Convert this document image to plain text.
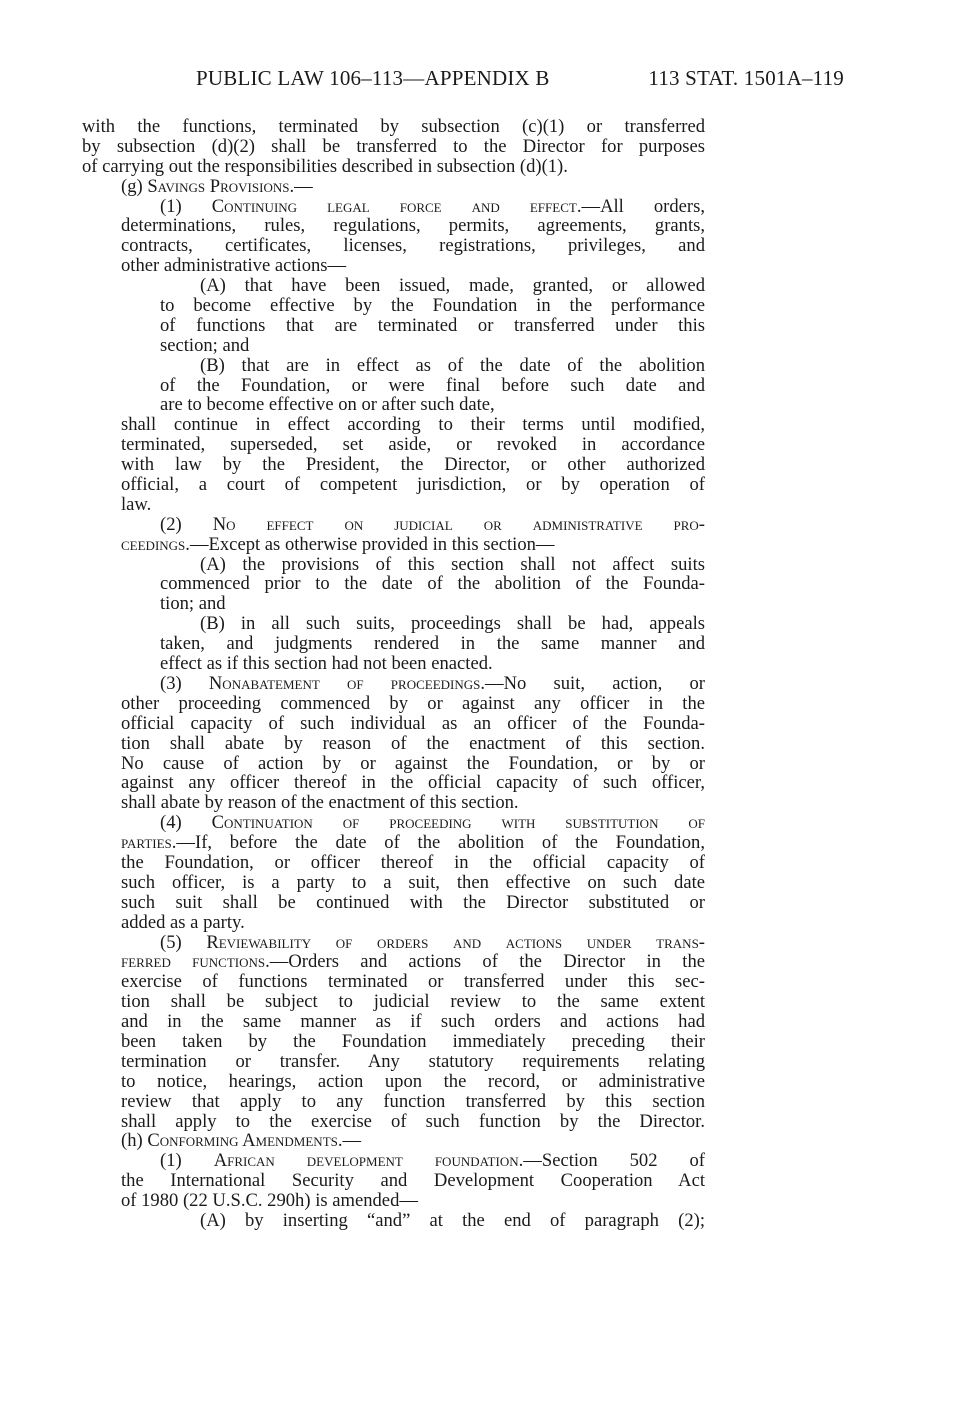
PUBLIC LAW 106–113—APPENDIX B	113 STAT. 1501A–119
with the functions, terminated by subsection (c)(1) or transferred
by subsection (d)(2) shall be transferred to the Director for purposes
of carrying out the responsibilities described in subsection (d)(1).
(g) Savings Provisions.—
(1) Continuing legal force and effect.—All orders,
determinations, rules, regulations, permits, agreements, grants,
contracts, certificates, licenses, registrations, privileges, and
other administrative actions—
(A) that have been issued, made, granted, or allowed
to become effective by the Foundation in the performance
of functions that are terminated or transferred under this
section; and
(B) that are in effect as of the date of the abolition
of the Foundation, or were final before such date and
are to become effective on or after such date,
shall continue in effect according to their terms until modified,
terminated, superseded, set aside, or revoked in accordance
with law by the President, the Director, or other authorized
official, a court of competent jurisdiction, or by operation of
law.
(2) No effect on judicial or administrative pro-
ceedings.—Except as otherwise provided in this section—
(A) the provisions of this section shall not affect suits
commenced prior to the date of the abolition of the Founda-
tion; and
(B) in all such suits, proceedings shall be had, appeals
taken, and judgments rendered in the same manner and
effect as if this section had not been enacted.
(3) Nonabatement of proceedings.—No suit, action, or
other proceeding commenced by or against any officer in the
official capacity of such individual as an officer of the Founda-
tion shall abate by reason of the enactment of this section.
No cause of action by or against the Foundation, or by or
against any officer thereof in the official capacity of such officer,
shall abate by reason of the enactment of this section.
(4) Continuation of proceeding with substitution of
parties.—If, before the date of the abolition of the Foundation,
the Foundation, or officer thereof in the official capacity of
such officer, is a party to a suit, then effective on such date
such suit shall be continued with the Director substituted or
added as a party.
(5) Reviewability of orders and actions under trans-
ferred functions.—Orders and actions of the Director in the
exercise of functions terminated or transferred under this sec-
tion shall be subject to judicial review to the same extent
and in the same manner as if such orders and actions had
been taken by the Foundation immediately preceding their
termination or transfer. Any statutory requirements relating
to notice, hearings, action upon the record, or administrative
review that apply to any function transferred by this section
shall apply to the exercise of such function by the Director.
(h) Conforming Amendments.—
(1) African development foundation.—Section 502 of
the International Security and Development Cooperation Act
of 1980 (22 U.S.C. 290h) is amended—
(A) by inserting “and” at the end of paragraph (2);
